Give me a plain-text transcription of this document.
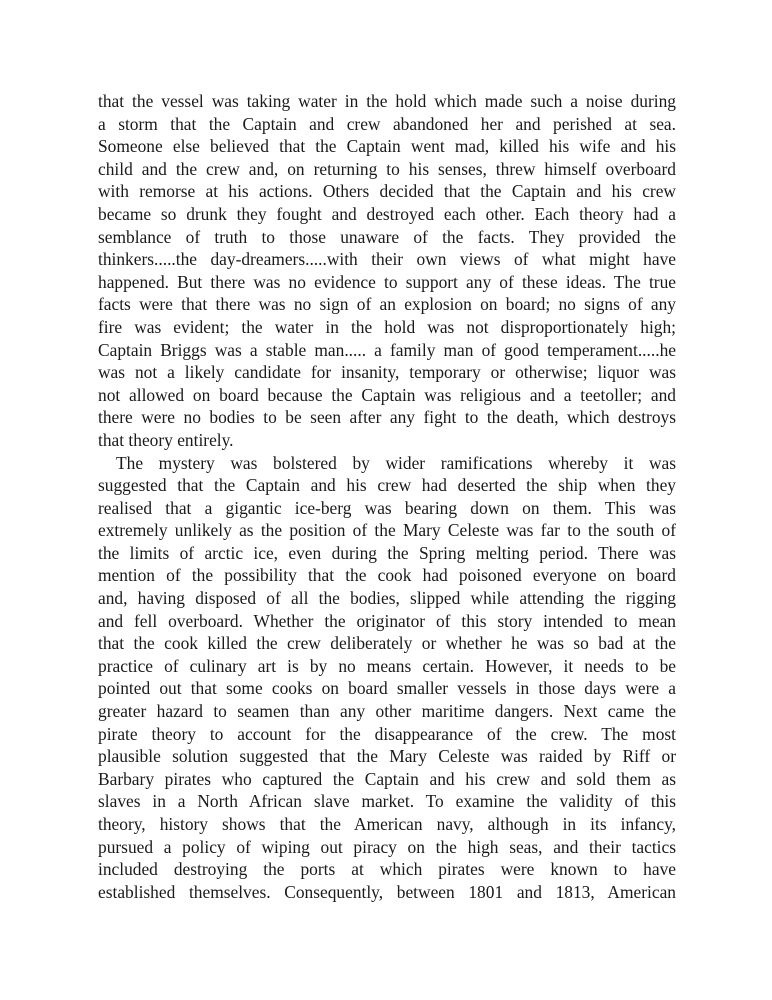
that the vessel was taking water in the hold which made such a noise during
a storm that the Captain and crew abandoned her and perished at sea.
Someone else believed that the Captain went mad, killed his wife and his
child and the crew and, on returning to his senses, threw himself overboard
with remorse at his actions. Others decided that the Captain and his crew
became so drunk they fought and destroyed each other. Each theory had a
semblance of truth to those unaware of the facts. They provided the
thinkers.....the day-dreamers.....with their own views of what might have
happened. But there was no evidence to support any of these ideas. The true
facts were that there was no sign of an explosion on board; no signs of any
fire was evident; the water in the hold was not disproportionately high;
Captain Briggs was a stable man..... a family man of good temperament.....he
was not a likely candidate for insanity, temporary or otherwise; liquor was
not allowed on board because the Captain was religious and a teetoller; and
there were no bodies to be seen after any fight to the death, which destroys
that theory entirely.
The mystery was bolstered by wider ramifications whereby it was
suggested that the Captain and his crew had deserted the ship when they
realised that a gigantic ice-berg was bearing down on them. This was
extremely unlikely as the position of the Mary Celeste was far to the south of
the limits of arctic ice, even during the Spring melting period. There was
mention of the possibility that the cook had poisoned everyone on board
and, having disposed of all the bodies, slipped while attending the rigging
and fell overboard. Whether the originator of this story intended to mean
that the cook killed the crew deliberately or whether he was so bad at the
practice of culinary art is by no means certain. However, it needs to be
pointed out that some cooks on board smaller vessels in those days were a
greater hazard to seamen than any other maritime dangers. Next came the
pirate theory to account for the disappearance of the crew. The most
plausible solution suggested that the Mary Celeste was raided by Riff or
Barbary pirates who captured the Captain and his crew and sold them as
slaves in a North African slave market. To examine the validity of this
theory, history shows that the American navy, although in its infancy,
pursued a policy of wiping out piracy on the high seas, and their tactics
included destroying the ports at which pirates were known to have
established themselves. Consequently, between 1801 and 1813, American
